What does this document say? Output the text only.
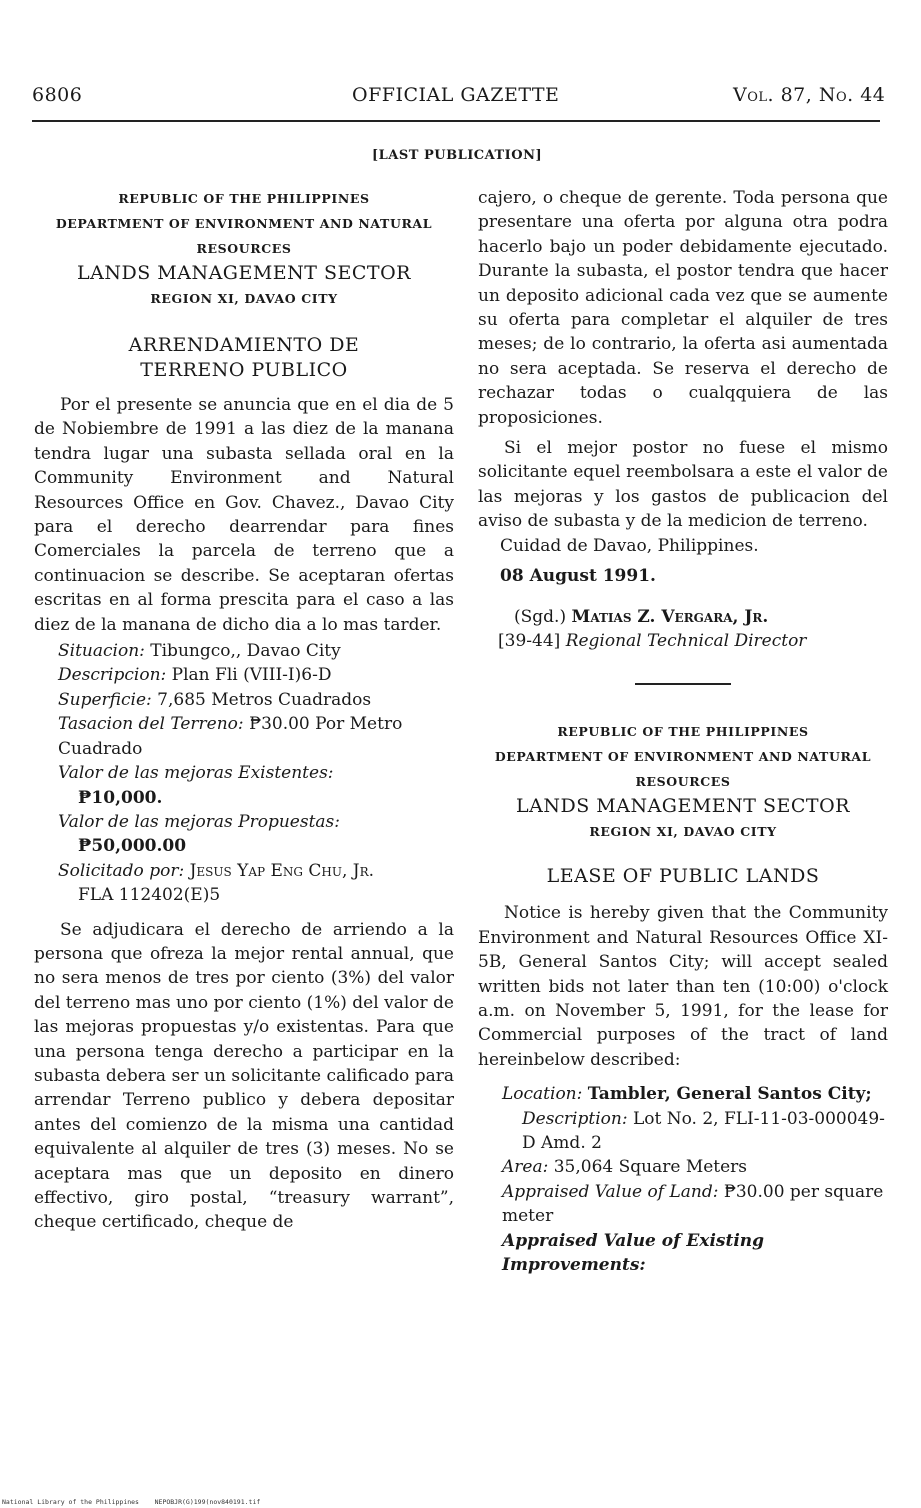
6806	OFFICIAL GAZETTE	Vol. 87, No. 44
[LAST PUBLICATION]
REPUBLIC OF THE PHILIPPINES
DEPARTMENT OF ENVIRONMENT AND NATURAL RESOURCES
LANDS MANAGEMENT SECTOR
REGION XI, DAVAO CITY
ARRENDAMIENTO DE TERRENO PUBLICO

Por el presente se anuncia que en el dia de 5 de Nobiembre de 1991 a las diez de la manana tendra lugar una subasta sellada oral en la Community Environment and Natural Resources Office en Gov. Chavez., Davao City para el derecho dearrendar para fines Comerciales la parcela de terreno que a continuacion se describe. Se aceptaran ofertas escritas en al forma prescita para el caso a las diez de la manana de dicho dia a lo mas tarder.

Situacion: Tibungco,, Davao City
Descripcion: Plan Fli (VIII-I)6-D
Superficie: 7,685 Metros Cuadrados
Tasacion del Terreno: ₱30.00 Por Metro Cuadrado
Valor de las mejoras Existentes:
₱10,000.
Valor de las mejoras Propuestas:
₱50,000.00
Solicitado por: Jesus Yap Eng Chu, Jr.
FLA 112402(E)5

Se adjudicara el derecho de arriendo a la persona que ofreza la mejor rental annual, que no sera menos de tres por ciento (3%) del valor del terreno mas uno por ciento (1%) del valor de las mejoras propuestas y/o existentas. Para que una persona tenga derecho a participar en la subasta debera ser un solicitante calificado para arrendar Terreno publico y debera depositar antes del comienzo de la misma una cantidad equivalente al alquiler de tres (3) meses. No se aceptara mas que un deposito en dinero effectivo, giro postal, “treasury warrant”, cheque certificado, cheque de

cajero, o cheque de gerente. Toda persona que presentare una oferta por alguna otra podra hacerlo bajo un poder debidamente ejecutado. Durante la subasta, el postor tendra que hacer un deposito adicional cada vez que se aumente su oferta para completar el alquiler de tres meses; de lo contrario, la oferta asi aumentada no sera aceptada. Se reserva el derecho de rechazar todas o cualqquiera de las proposiciones.

Si el mejor postor no fuese el mismo solicitante equel reembolsara a este el valor de las mejoras y los gastos de publicacion del aviso de subasta y de la medicion de terreno.

Cuidad de Davao, Philippines.
08 August 1991.
(Sgd.) Matias Z. Vergara, Jr.
[39-44] Regional Technical Director
REPUBLIC OF THE PHILIPPINES
DEPARTMENT OF ENVIRONMENT AND NATURAL RESOURCES
LANDS MANAGEMENT SECTOR
REGION XI, DAVAO CITY
LEASE OF PUBLIC LANDS

Notice is hereby given that the Community Environment and Natural Resources Office XI-5B, General Santos City; will accept sealed written bids not later than ten (10:00) o'clock a.m. on November 5, 1991, for the lease for Commercial purposes of the tract of land hereinbelow described:

Location: Tambler, General Santos City;
Description: Lot No. 2, FLI-11-03-000049-D Amd. 2
Area: 35,064 Square Meters
Appraised Value of Land: ₱30.00 per square meter
Appraised Value of Existing Improvements:
National Library of the Philippines    NEPOBJR(G)199(nov840191.tif
